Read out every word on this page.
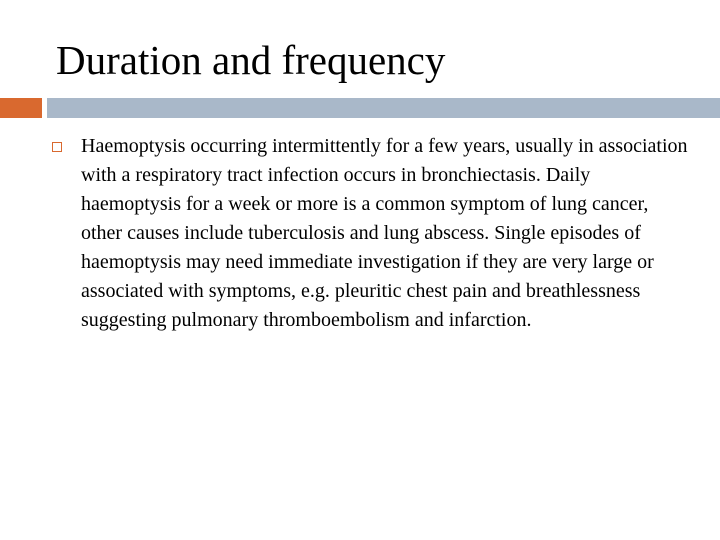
Duration and frequency
Haemoptysis occurring intermittently for a few years, usually in association with a respiratory tract infection occurs in bronchiectasis. Daily haemoptysis for a week or more is a common symptom of lung cancer, other causes include tuberculosis and lung abscess. Single episodes of haemoptysis may need immediate investigation if they are very large or associated with symptoms, e.g. pleuritic chest pain and breathlessness suggesting pulmonary thromboembolism and infarction.
